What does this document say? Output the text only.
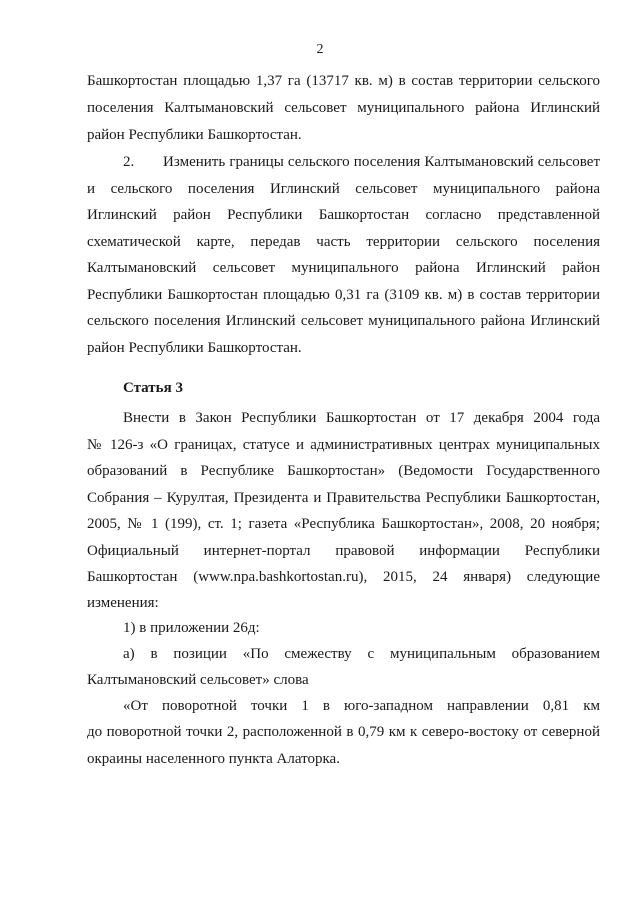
2
Башкортостан площадью 1,37 га (13717 кв. м) в состав территории сельского
поселения Калтымановский сельсовет муниципального района Иглинский
район Республики Башкортостан.
2.       Изменить границы сельского поселения Калтымановский сельсовет
и сельского поселения Иглинский сельсовет муниципального района
Иглинский район Республики Башкортостан согласно представленной
схематической карте, передав часть территории сельского поселения
Калтымановский сельсовет муниципального района Иглинский район
Республики Башкортостан площадью 0,31 га (3109 кв. м) в состав территории
сельского поселения Иглинский сельсовет муниципального района Иглинский
район Республики Башкортостан.
Статья 3
Внести в Закон Республики Башкортостан от 17 декабря 2004 года
№ 126-з «О границах, статусе и административных центрах муниципальных
образований в Республике Башкортостан» (Ведомости Государственного
Собрания – Курултая, Президента и Правительства Республики Башкортостан,
2005, № 1 (199), ст. 1; газета «Республика Башкортостан», 2008, 20 ноября;
Официальный интернет-портал правовой информации Республики
Башкортостан (www.npa.bashkortostan.ru), 2015, 24 января) следующие
изменения:
1) в приложении 26д:
а) в позиции «По смежеству с муниципальным образованием
Калтымановский сельсовет» слова
«От поворотной точки 1 в юго-западном направлении 0,81 км
до поворотной точки 2, расположенной в 0,79 км к северо-востоку от северной
окраины населенного пункта Алаторка.
